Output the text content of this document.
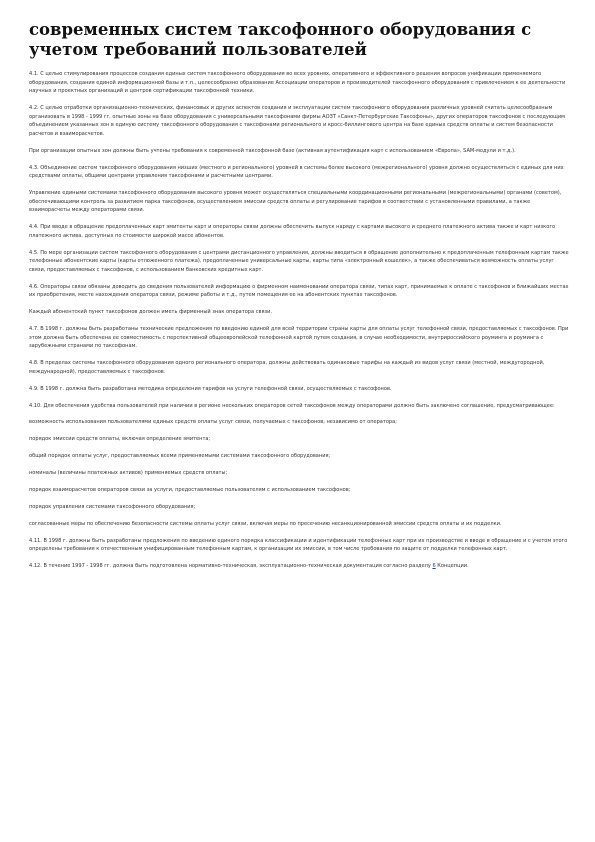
современных систем таксофонного оборудования с учетом требований пользователей

4.1. С целью стимулирования процессов создания единых систем таксофонного оборудования во всех уровнях, оперативного и эффективного решения вопросов унификации применяемого оборудования, создания единой информационной базы и т.п., целесообразно образование Ассоциации операторов и производителей таксофонного оборудования с привлечением к ее деятельности научных и проектных организаций и центров сертификации таксофонной техники.

4.2. С целью отработки организационно-технических, финансовых и других аспектов создания и эксплуатации систем таксофонного оборудования различных уровней считать целесообразным организовать в 1998 - 1999 гг. опытные зоны на базе оборудования с универсальными таксофонами фирмы АОЗТ «Санкт-Петербургские Таксофоны», других операторов таксофонов с последующим объединением указанных зон в единую систему таксофонного оборудования с таксофонами регионального и кросс-биллингового центра на базе единых средств оплаты и систем безопасности расчетов и взаиморасчетов.

При организации опытных зон должны быть учтены требования к современной таксофонной базе (активная аутентификация карт с использованием «Европа», SAM-модули и т.д.).

4.3. Объединение систем таксофонного оборудования низших (местного и регионального) уровней в системы более высокого (межрегионального) уровня должно осуществляться с единых для них средствами оплаты, общими центрами управления таксофонами и расчетными центрами.

Управление едиными системами таксофонного оборудования высокого уровня может осуществляться специальными координационными региональными (межрегиональными) органами (советом), обеспечивающими контроль за развитием парка таксофонов, осуществлением эмиссии средств оплаты и регулирование тарифов в соответствии с установленными правилами, а также взаиморасчеты между операторами связи.

4.4. При вводе в обращение предоплаченных карт эмитенты карт и операторы связи должны обеспечить выпуск наряду с картами высокого и среднего платежного актива также и карт низкого платежного актива, доступных по стоимости широкой массе абонентов.

4.5. По мере организации систем таксофонного оборудования с центрами дистанционного управления, должны вводиться в обращение дополнительно к предоплаченным телефонным картам также телефонные абонентские карты (карты отложенного платежа), предоплаченные универсальные карты, карты типа «электронный кошелек», а также обеспечиваться возможность оплаты услуг связи, предоставляемых с таксофонов, с использованием банковских кредитных карт.

4.6. Операторы связи обязаны доводить до сведения пользователей информацию о фирменном наименовании оператора связи, типах карт, принимаемых к оплате с таксофонов и ближайших местах их приобретения, месте нахождения оператора связи, режиме работы и т.д., путем помещения ее на абонентских пунктах таксофонов.

Каждый абонентский пункт таксофонов должен иметь фирменный знак оператора связи.

4.7. В 1998 г. должны быть разработаны технические предложения по введению единой для всей территории страны карты для оплаты услуг телефонной связи, предоставляемых с таксофонов. При этом должна быть обеспечена ее совместимость с перспективной общеевропейской телефонной картой путем создания, в случае необходимости, внутрироссийского роуминга и роуминга с зарубежными странами по таксофонам.

4.8. В пределах системы таксофонного оборудования одного регионального оператора, должны действовать одинаковые тарифы на каждый из видов услуг связи (местной, междугородной, международной), предоставляемых с таксофонов.

4.9. В 1998 г. должна быть разработана методика определения тарифов на услуги телефонной связи, осуществляемых с таксофонов.

4.10. Для обеспечения удобства пользователей при наличии в регионе нескольких операторов сетей таксофонов между операторами должно быть заключено соглашение, предусматривающее:

возможность использования пользователями единых средств оплаты услуг связи, получаемых с таксофонов, независимо от оператора;

порядок эмиссии средств оплаты, включая определение эмитента;

общий порядок оплаты услуг, предоставляемых всеми применяемыми системами таксофонного оборудования;

номиналы (величины платежных активов) применяемых средств оплаты;

порядок взаиморасчетов операторов связи за услуги, предоставляемые пользователям с использованием таксофонов;

порядок управления системами таксофонного оборудования;

согласованные меры по обеспечению безопасности системы оплаты услуг связи, включая меры по пресечению несанкционированной эмиссии средств оплаты и их подделки.

4.11. В 1998 г. должны быть разработаны предложения по введению единого порядка классификации и идентификации телефонных карт при их производстве и вводе в обращение и с учетом этого определены требования к отечественным унифицированным телефонным картам, к организации их эмиссии, в том числе требования по защите от подделки телефонных карт.

4.12. В течение 1997 - 1998 гг. должна быть подготовлена нормативно-техническая, эксплуатационно-техническая документация согласно разделу 6 Концепции.
